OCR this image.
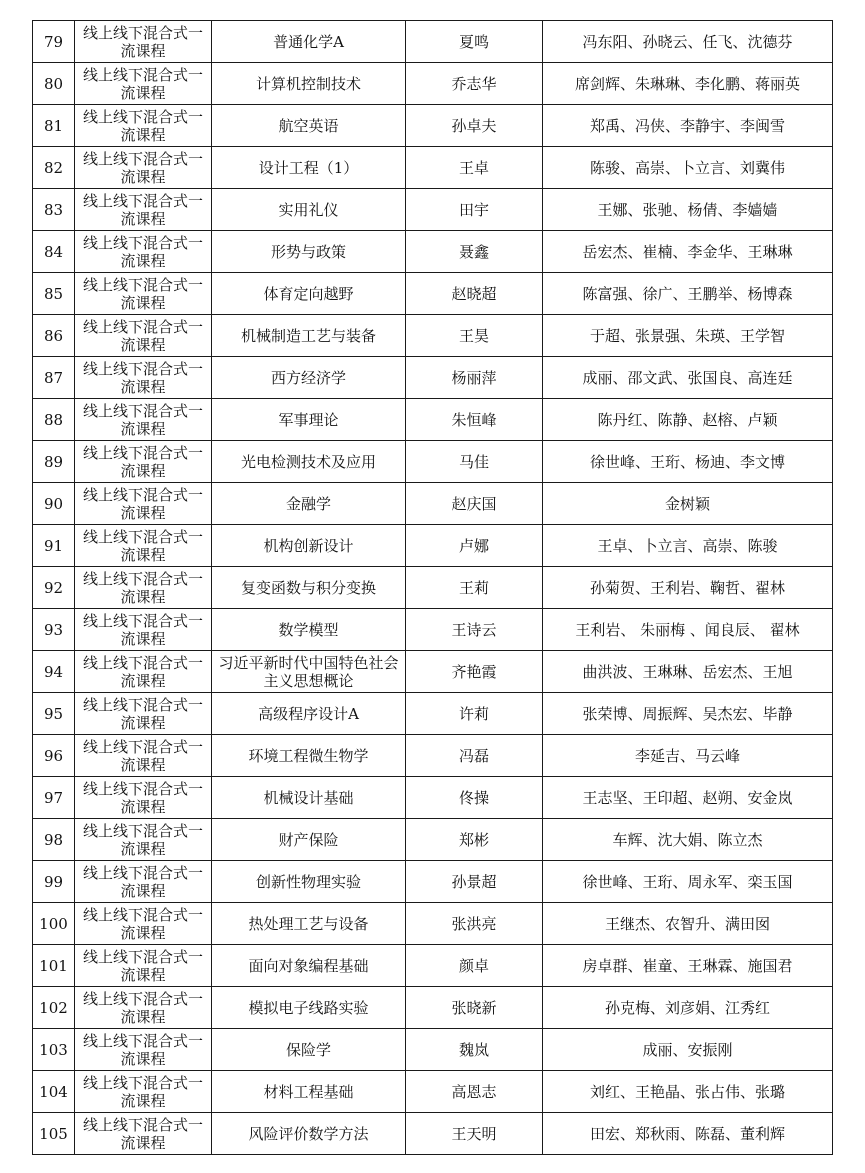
79	线上线下混合式一流课程	普通化学A	夏鸣	冯东阳、孙晓云、任飞、沈德芬
80	线上线下混合式一流课程	计算机控制技术	乔志华	席剑辉、朱琳琳、李化鹏、蒋丽英
81	线上线下混合式一流课程	航空英语	孙卓夫	郑禹、冯侠、李静宇、李闽雪
82	线上线下混合式一流课程	设计工程（1）	王卓	陈骏、高崇、卜立言、刘冀伟
83	线上线下混合式一流课程	实用礼仪	田宇	王娜、张驰、杨倩、李嫱嫱
84	线上线下混合式一流课程	形势与政策	聂鑫	岳宏杰、崔楠、李金华、王琳琳
85	线上线下混合式一流课程	体育定向越野	赵晓超	陈富强、徐广、王鹏举、杨博森
86	线上线下混合式一流课程	机械制造工艺与装备	王昊	于超、张景强、朱瑛、王学智
87	线上线下混合式一流课程	西方经济学	杨丽萍	成丽、邵文武、张国良、高连廷
88	线上线下混合式一流课程	军事理论	朱恒峰	陈丹红、陈静、赵榕、卢颖
89	线上线下混合式一流课程	光电检测技术及应用	马佳	徐世峰、王珩、杨迪、李文博
90	线上线下混合式一流课程	金融学	赵庆国	金树颖
91	线上线下混合式一流课程	机构创新设计	卢娜	王卓、卜立言、高崇、陈骏
92	线上线下混合式一流课程	复变函数与积分变换	王莉	孙菊贺、王利岩、鞠哲、翟林
93	线上线下混合式一流课程	数学模型	王诗云	王利岩、 朱丽梅 、闻良辰、 翟林
94	线上线下混合式一流课程	习近平新时代中国特色社会主义思想概论	齐艳霞	曲洪波、王琳琳、岳宏杰、王旭
95	线上线下混合式一流课程	高级程序设计A	许莉	张荣博、周振辉、吴杰宏、毕静
96	线上线下混合式一流课程	环境工程微生物学	冯磊	李延吉、马云峰
97	线上线下混合式一流课程	机械设计基础	佟操	王志坚、王印超、赵朔、安金岚
98	线上线下混合式一流课程	财产保险	郑彬	车辉、沈大娟、陈立杰
99	线上线下混合式一流课程	创新性物理实验	孙景超	徐世峰、王珩、周永军、栾玉国
100	线上线下混合式一流课程	热处理工艺与设备	张洪亮	王继杰、农智升、满田囡
101	线上线下混合式一流课程	面向对象编程基础	颜卓	房卓群、崔童、王琳霖、施国君
102	线上线下混合式一流课程	模拟电子线路实验	张晓新	孙克梅、刘彦娟、江秀红
103	线上线下混合式一流课程	保险学	魏岚	成丽、安振刚
104	线上线下混合式一流课程	材料工程基础	高恩志	刘红、王艳晶、张占伟、张璐
105	线上线下混合式一流课程	风险评价数学方法	王天明	田宏、郑秋雨、陈磊、董利辉
